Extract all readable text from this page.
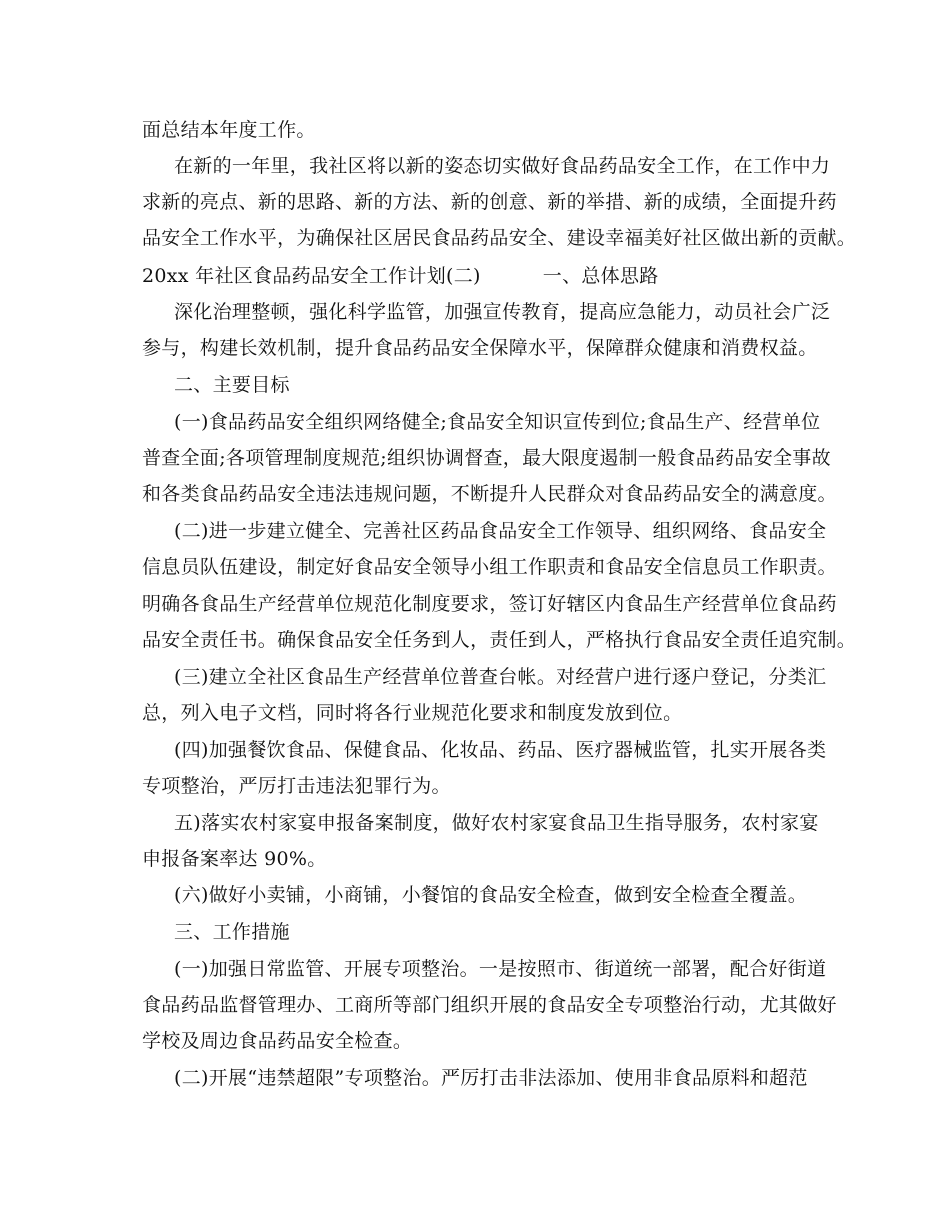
面总结本年度工作。
在新的一年里，我社区将以新的姿态切实做好食品药品安全工作，在工作中力
求新的亮点、新的思路、新的方法、新的创意、新的举措、新的成绩，全面提升药
品安全工作水平，为确保社区居民食品药品安全、建设幸福美好社区做出新的贡献。
20xx 年社区食品药品安全工作计划(二)	一、总体思路
深化治理整顿，强化科学监管，加强宣传教育，提高应急能力，动员社会广泛
参与，构建长效机制，提升食品药品安全保障水平，保障群众健康和消费权益。
二、主要目标
(一)食品药品安全组织网络健全;食品安全知识宣传到位;食品生产、经营单位
普查全面;各项管理制度规范;组织协调督查，最大限度遏制一般食品药品安全事故
和各类食品药品安全违法违规问题，不断提升人民群众对食品药品安全的满意度。
(二)进一步建立健全、完善社区药品食品安全工作领导、组织网络、食品安全
信息员队伍建设，制定好食品安全领导小组工作职责和食品安全信息员工作职责。
明确各食品生产经营单位规范化制度要求，签订好辖区内食品生产经营单位食品药
品安全责任书。确保食品安全任务到人，责任到人，严格执行食品安全责任追究制。
(三)建立全社区食品生产经营单位普查台帐。对经营户进行逐户登记，分类汇
总，列入电子文档，同时将各行业规范化要求和制度发放到位。
(四)加强餐饮食品、保健食品、化妆品、药品、医疗器械监管，扎实开展各类
专项整治，严厉打击违法犯罪行为。
五)落实农村家宴申报备案制度，做好农村家宴食品卫生指导服务，农村家宴
申报备案率达 90%。
(六)做好小卖铺，小商铺，小餐馆的食品安全检查，做到安全检查全覆盖。
三、工作措施
(一)加强日常监管、开展专项整治。一是按照市、街道统一部署，配合好街道
食品药品监督管理办、工商所等部门组织开展的食品安全专项整治行动，尤其做好
学校及周边食品药品安全检查。
(二)开展“违禁超限”专项整治。严厉打击非法添加、使用非食品原料和超范
